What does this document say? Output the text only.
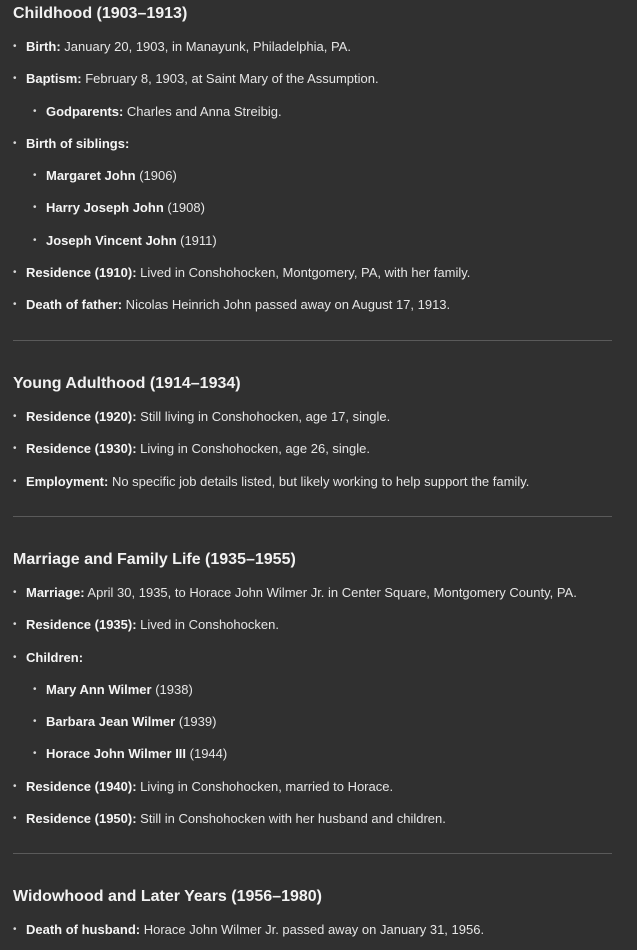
Childhood (1903–1913)
• Birth: January 20, 1903, in Manayunk, Philadelphia, PA.
• Baptism: February 8, 1903, at Saint Mary of the Assumption.
• Godparents: Charles and Anna Streibig.
• Birth of siblings:
• Margaret John (1906)
• Harry Joseph John (1908)
• Joseph Vincent John (1911)
• Residence (1910): Lived in Conshohocken, Montgomery, PA, with her family.
• Death of father: Nicolas Heinrich John passed away on August 17, 1913.
Young Adulthood (1914–1934)
• Residence (1920): Still living in Conshohocken, age 17, single.
• Residence (1930): Living in Conshohocken, age 26, single.
• Employment: No specific job details listed, but likely working to help support the family.
Marriage and Family Life (1935–1955)
• Marriage: April 30, 1935, to Horace John Wilmer Jr. in Center Square, Montgomery County, PA.
• Residence (1935): Lived in Conshohocken.
• Children:
• Mary Ann Wilmer (1938)
• Barbara Jean Wilmer (1939)
• Horace John Wilmer III (1944)
• Residence (1940): Living in Conshohocken, married to Horace.
• Residence (1950): Still in Conshohocken with her husband and children.
Widowhood and Later Years (1956–1980)
• Death of husband: Horace John Wilmer Jr. passed away on January 31, 1956.
